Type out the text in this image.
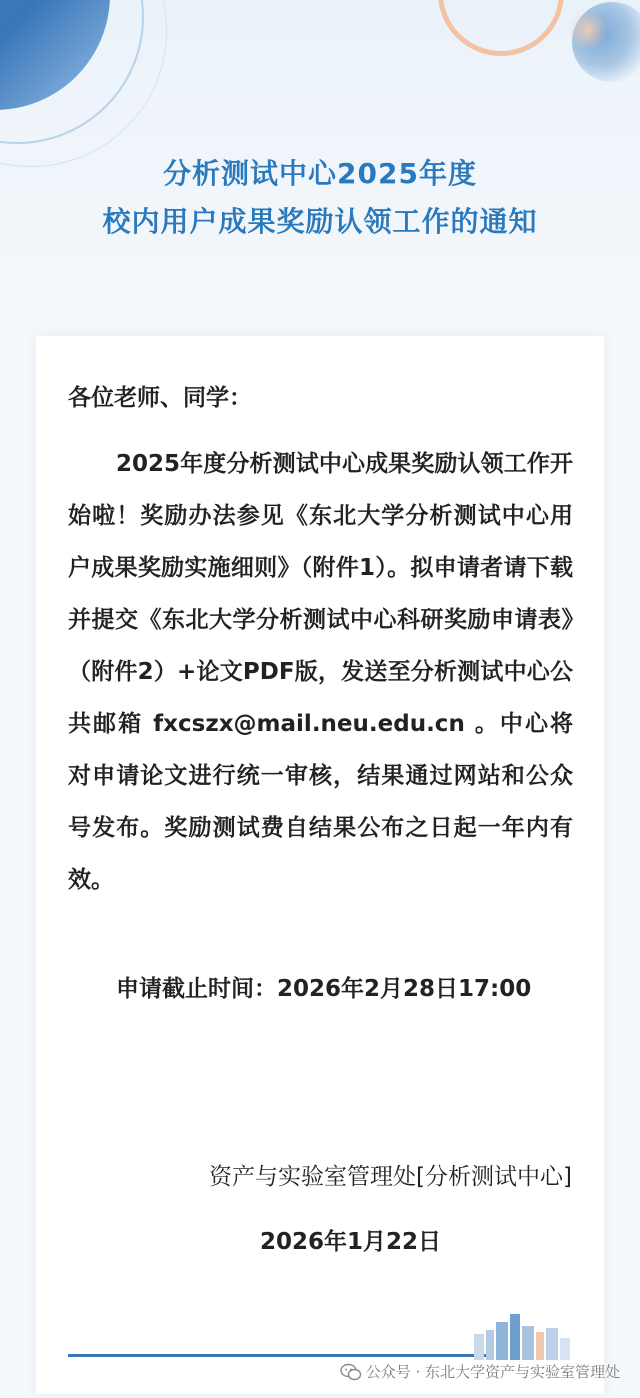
分析测试中心2025年度
校内用户成果奖励认领工作的通知
各位老师、同学：
2025年度分析测试中心成果奖励认领工作开始啦！奖励办法参见《东北大学分析测试中心用户成果奖励实施细则》（附件1）。拟申请者请下载并提交《东北大学分析测试中心科研奖励申请表》（附件2）+论文PDF版，发送至分析测试中心公共邮箱 fxcszx@mail.neu.edu.cn 。中心将对申请论文进行统一审核，结果通过网站和公众号发布。奖励测试费自结果公布之日起一年内有效。
申请截止时间：2026年2月28日17:00
资产与实验室管理处[分析测试中心]
2026年1月22日
公众号 · 东北大学资产与实验室管理处
